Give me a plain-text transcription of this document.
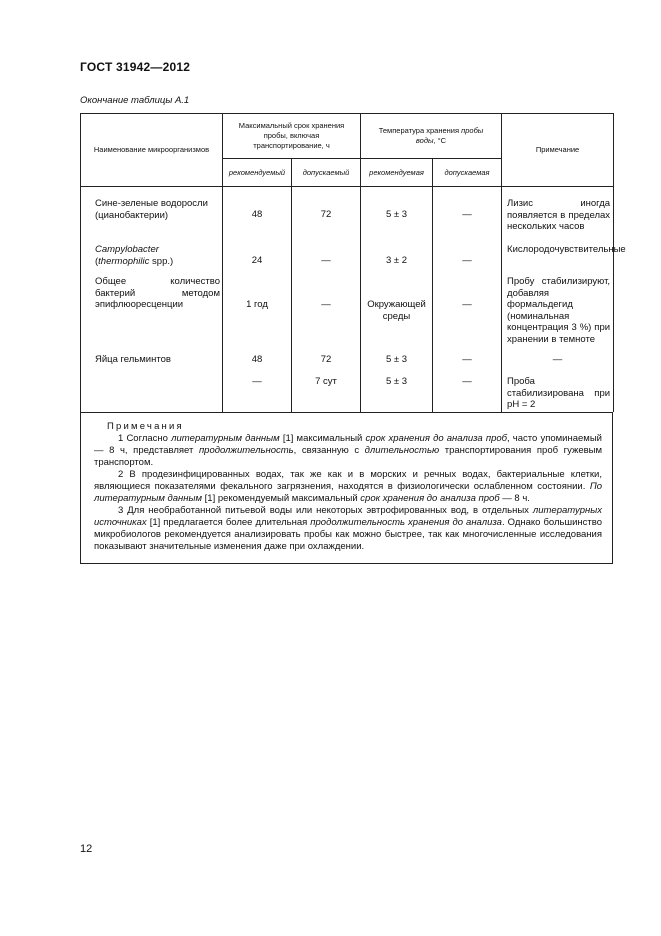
ГОСТ 31942—2012
Окончание таблицы А.1
Наименование микроорганизмов	Максимальный срок хранения пробы, включая транспортирование, ч		Температура хранения пробы
воды, °С		Примечание
	рекомендуемый	допускаемый	рекомендуемая	допускаемая	

Сине-зеленые водоросли
(цианобактерии)	48	72	5 ± 3	—	Лизис иногда появляется в пределах нескольких часов
Campylobacter
(thermophilic spp.)	24	—	3 ± 2	—	Кислородочувствительные
Общее количество бактерий методом эпифлюоресценции	1 год	—	Окружающей среды	—	Пробу стабилизируют, добавляя формальдегид (номинальная концентрация 3 %) при хранении в темноте
Яйца гельминтов	48	72	5 ± 3	—	—
	—	7 сут	5 ± 3	—	Проба стабилизирована при pH = 2
Примечания

1 Согласно литературным данным [1] максимальный срок хранения до анализа проб, часто упоминаемый — 8 ч, представляет продолжительность, связанную с длительностью транспортирования проб гужевым транспортом.

2 В продезинфицированных водах, так же как и в морских и речных водах, бактериальные клетки, являющиеся показателями фекального загрязнения, находятся в физиологически ослабленном состоянии. По литературным данным [1] рекомендуемый максимальный срок хранения до анализа проб — 8 ч.

3 Для необработанной питьевой воды или некоторых эвтрофированных вод, в отдельных литературных источниках [1] предлагается более длительная продолжительность хранения до анализа. Однако большинство микробиологов рекомендуется анализировать пробы как можно быстрее, так как многочисленные исследования показывают значительные изменения даже при охлаждении.

12
